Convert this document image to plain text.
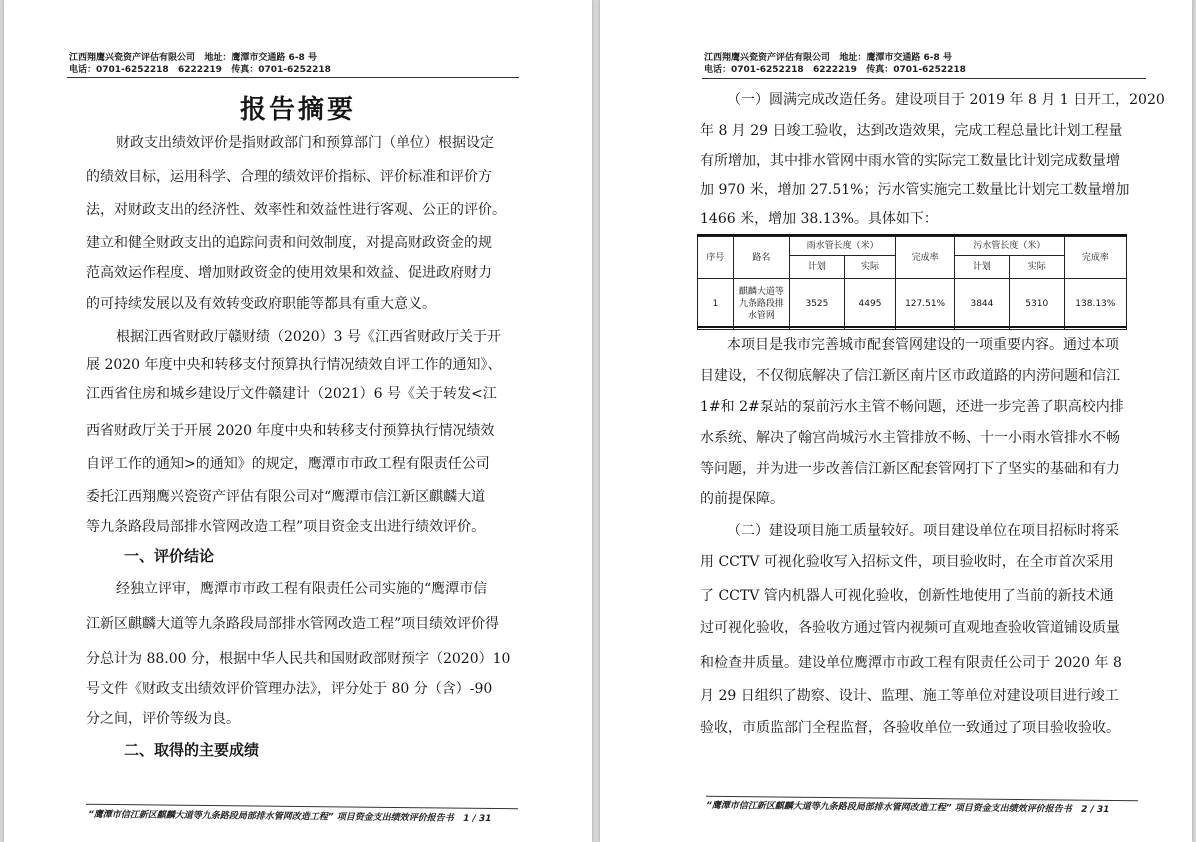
江西翔鹰兴瓷资产评估有限公司 地址：鹰潭市交通路 6-8 号
电话：0701-6252218   6222219 传真：0701-6252218
报告摘要
财政支出绩效评价是指财政部门和预算部门（单位）根据设定
的绩效目标，运用科学、合理的绩效评价指标、评价标准和评价方
法，对财政支出的经济性、效率性和效益性进行客观、公正的评价。
建立和健全财政支出的追踪问责和问效制度，对提高财政资金的规
范高效运作程度、增加财政资金的使用效果和效益、促进政府财力
的可持续发展以及有效转变政府职能等都具有重大意义。
根据江西省财政厅赣财绩（2020）3 号《江西省财政厅关于开
展 2020 年度中央和转移支付预算执行情况绩效自评工作的通知》、
江西省住房和城乡建设厅文件赣建计（2021）6 号《关于转发<江
西省财政厅关于开展 2020 年度中央和转移支付预算执行情况绩效
自评工作的通知>的通知》的规定，鹰潭市市政工程有限责任公司
委托江西翔鹰兴瓷资产评估有限公司对“鹰潭市信江新区麒麟大道
等九条路段局部排水管网改造工程”项目资金支出进行绩效评价。
一、评价结论
经独立评审，鹰潭市市政工程有限责任公司实施的“鹰潭市信
江新区麒麟大道等九条路段局部排水管网改造工程”项目绩效评价得
分总计为 88.00 分，根据中华人民共和国财政部财预字（2020）10
号文件《财政支出绩效评价管理办法》，评分处于 80 分（含）-90
分之间，评价等级为良。
二、取得的主要成绩
“鹰潭市信江新区麒麟大道等九条路段局部排水管网改造工程” 项目资金支出绩效评价报告书   1 / 31
江西翔鹰兴瓷资产评估有限公司 地址：鹰潭市交通路 6-8 号
电话：0701-6252218   6222219 传真：0701-6252218
（一）圆满完成改造任务。建设项目于 2019 年 8 月 1 日开工，2020
年 8 月 29 日竣工验收，达到改造效果，完成工程总量比计划工程量
有所增加，其中排水管网中雨水管的实际完工数量比计划完成数量增
加 970 米，增加 27.51%；污水管实施完工数量比计划完工数量增加
1466 米，增加 38.13%。具体如下：
序号	路名	雨水管长度（米）		完成率	污水管长度（米）		完成率
		计划	实际		计划	实际	
1	麒麟大道等九条路段排水管网	3525	4495	127.51%	3844	5310	138.13%
本项目是我市完善城市配套管网建设的一项重要内容。通过本项
目建设，不仅彻底解决了信江新区南片区市政道路的内涝问题和信江
1#和 2#泵站的泵前污水主管不畅问题，还进一步完善了职高校内排
水系统、解决了翰宫尚城污水主管排放不畅、十一小雨水管排水不畅
等问题，并为进一步改善信江新区配套管网打下了坚实的基础和有力
的前提保障。
（二）建设项目施工质量较好。项目建设单位在项目招标时将采
用 CCTV 可视化验收写入招标文件，项目验收时，在全市首次采用
了 CCTV 管内机器人可视化验收，创新性地使用了当前的新技术通
过可视化验收，各验收方通过管内视频可直观地查验收管道铺设质量
和检查井质量。建设单位鹰潭市市政工程有限责任公司于 2020 年 8
月 29 日组织了勘察、设计、监理、施工等单位对建设项目进行竣工
验收，市质监部门全程监督，各验收单位一致通过了项目验收验收。
“鹰潭市信江新区麒麟大道等九条路段局部排水管网改造工程” 项目资金支出绩效评价报告书   2 / 31
